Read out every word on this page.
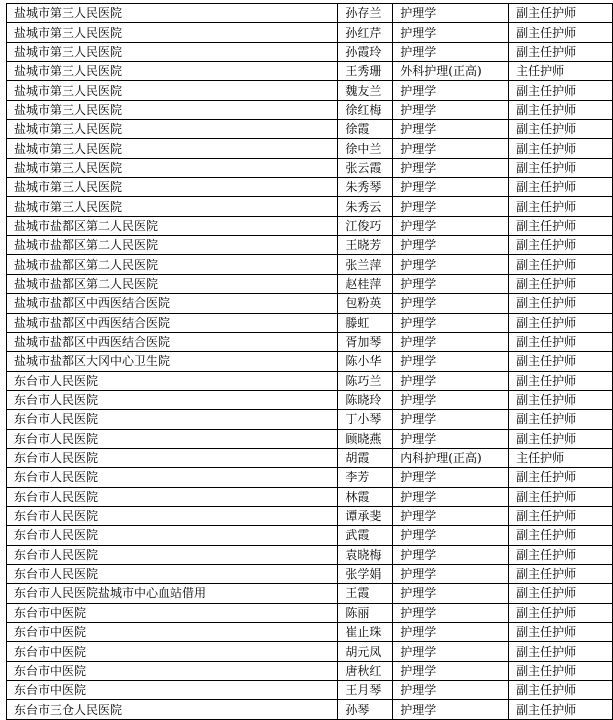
盐城市第三人民医院	孙存兰	护理学	副主任护师
盐城市第三人民医院	孙红芹	护理学	副主任护师
盐城市第三人民医院	孙霞玲	护理学	副主任护师
盐城市第三人民医院	王秀珊	外科护理(正高)	主任护师
盐城市第三人民医院	魏友兰	护理学	副主任护师
盐城市第三人民医院	徐红梅	护理学	副主任护师
盐城市第三人民医院	徐霞	护理学	副主任护师
盐城市第三人民医院	徐中兰	护理学	副主任护师
盐城市第三人民医院	张云霞	护理学	副主任护师
盐城市第三人民医院	朱秀琴	护理学	副主任护师
盐城市第三人民医院	朱秀云	护理学	副主任护师
盐城市盐都区第二人民医院	江俊巧	护理学	副主任护师
盐城市盐都区第二人民医院	王晓芳	护理学	副主任护师
盐城市盐都区第二人民医院	张兰萍	护理学	副主任护师
盐城市盐都区第二人民医院	赵桂萍	护理学	副主任护师
盐城市盐都区中西医结合医院	包粉英	护理学	副主任护师
盐城市盐都区中西医结合医院	滕虹	护理学	副主任护师
盐城市盐都区中西医结合医院	胥加琴	护理学	副主任护师
盐城市盐都区大冈中心卫生院	陈小华	护理学	副主任护师
东台市人民医院	陈巧兰	护理学	副主任护师
东台市人民医院	陈晓玲	护理学	副主任护师
东台市人民医院	丁小琴	护理学	副主任护师
东台市人民医院	顾晓燕	护理学	副主任护师
东台市人民医院	胡霞	内科护理(正高)	主任护师
东台市人民医院	李芳	护理学	副主任护师
东台市人民医院	林霞	护理学	副主任护师
东台市人民医院	谭承斐	护理学	副主任护师
东台市人民医院	武霞	护理学	副主任护师
东台市人民医院	袁晓梅	护理学	副主任护师
东台市人民医院	张学娟	护理学	副主任护师
东台市人民医院盐城市中心血站借用	王霞	护理学	副主任护师
东台市中医院	陈丽	护理学	副主任护师
东台市中医院	崔止珠	护理学	副主任护师
东台市中医院	胡元凤	护理学	副主任护师
东台市中医院	唐秋红	护理学	副主任护师
东台市中医院	王月琴	护理学	副主任护师
东台市三仓人民医院	孙琴	护理学	副主任护师
